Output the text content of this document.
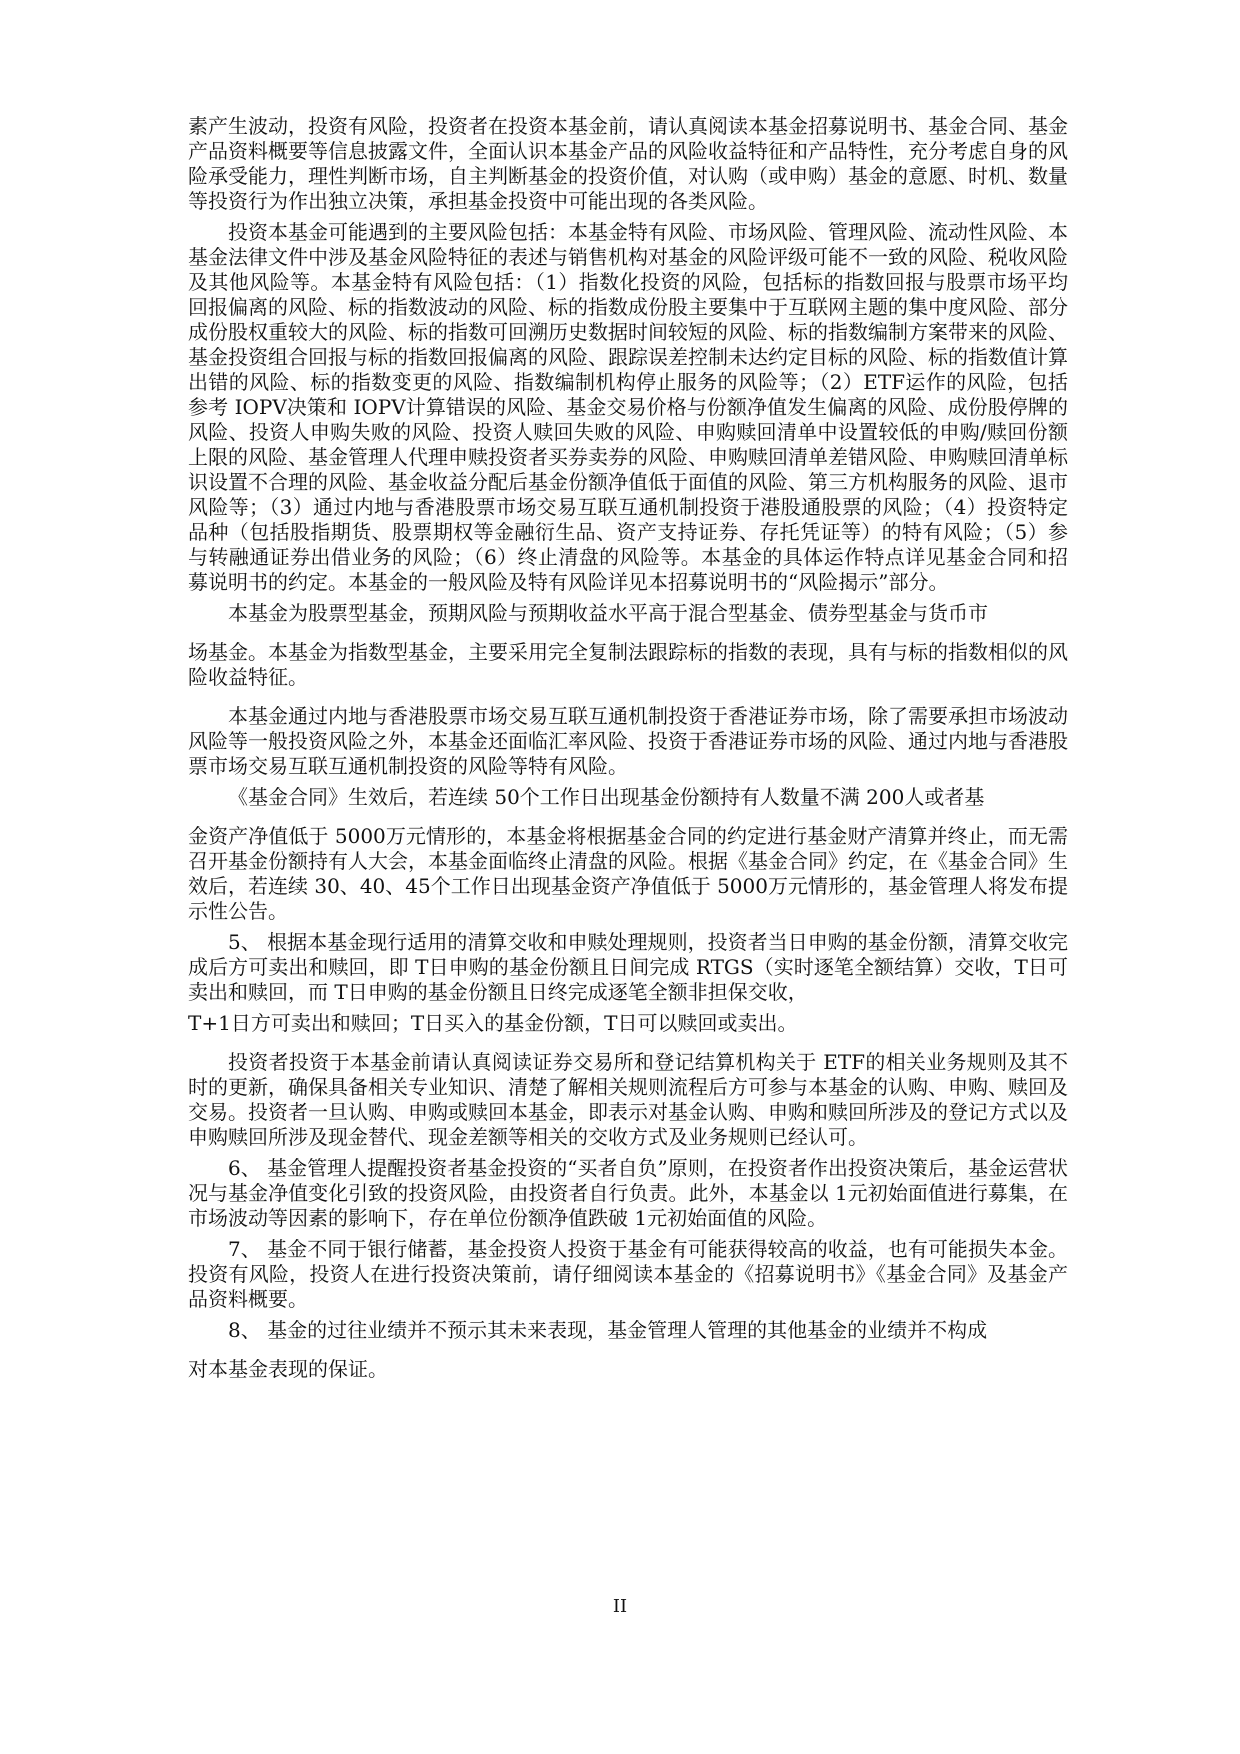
素产生波动，投资有风险，投资者在投资本基金前，请认真阅读本基金招募说明书、基金合同、基金产品资料概要等信息披露文件，全面认识本基金产品的风险收益特征和产品特性，充分考虑自身的风险承受能力，理性判断市场，自主判断基金的投资价值，对认购（或申购）基金的意愿、时机、数量等投资行为作出独立决策，承担基金投资中可能出现的各类风险。

投资本基金可能遇到的主要风险包括：本基金特有风险、市场风险、管理风险、流动性风险、本基金法律文件中涉及基金风险特征的表述与销售机构对基金的风险评级可能不一致的风险、税收风险及其他风险等。本基金特有风险包括：（1）指数化投资的风险，包括标的指数回报与股票市场平均回报偏离的风险、标的指数波动的风险、标的指数成份股主要集中于互联网主题的集中度风险、部分成份股权重较大的风险、标的指数可回溯历史数据时间较短的风险、标的指数编制方案带来的风险、基金投资组合回报与标的指数回报偏离的风险、跟踪误差控制未达约定目标的风险、标的指数值计算出错的风险、标的指数变更的风险、指数编制机构停止服务的风险等；（2）ETF运作的风险，包括参考 IOPV决策和 IOPV计算错误的风险、基金交易价格与份额净值发生偏离的风险、成份股停牌的风险、投资人申购失败的风险、投资人赎回失败的风险、申购赎回清单中设置较低的申购/赎回份额上限的风险、基金管理人代理申赎投资者买券卖券的风险、申购赎回清单差错风险、申购赎回清单标识设置不合理的风险、基金收益分配后基金份额净值低于面值的风险、第三方机构服务的风险、退市风险等；（3）通过内地与香港股票市场交易互联互通机制投资于港股通股票的风险；（4）投资特定品种（包括股指期货、股票期权等金融衍生品、资产支持证券、存托凭证等）的特有风险；（5）参与转融通证券出借业务的风险；（6）终止清盘的风险等。本基金的具体运作特点详见基金合同和招募说明书的约定。本基金的一般风险及特有风险详见本招募说明书的“风险揭示”部分。

本基金为股票型基金，预期风险与预期收益水平高于混合型基金、债券型基金与货币市

场基金。本基金为指数型基金，主要采用完全复制法跟踪标的指数的表现，具有与标的指数相似的风险收益特征。

本基金通过内地与香港股票市场交易互联互通机制投资于香港证券市场，除了需要承担市场波动风险等一般投资风险之外，本基金还面临汇率风险、投资于香港证券市场的风险、通过内地与香港股票市场交易互联互通机制投资的风险等特有风险。

《基金合同》生效后，若连续 50个工作日出现基金份额持有人数量不满 200人或者基

金资产净值低于 5000万元情形的，本基金将根据基金合同的约定进行基金财产清算并终止，而无需召开基金份额持有人大会，本基金面临终止清盘的风险。根据《基金合同》约定，在《基金合同》生效后，若连续 30、40、45个工作日出现基金资产净值低于 5000万元情形的，基金管理人将发布提示性公告。

5、 根据本基金现行适用的清算交收和申赎处理规则，投资者当日申购的基金份额，清算交收完成后方可卖出和赎回，即 T日申购的基金份额且日间完成 RTGS（实时逐笔全额结算）交收，T日可卖出和赎回，而 T日申购的基金份额且日终完成逐笔全额非担保交收，

T+1日方可卖出和赎回；T日买入的基金份额，T日可以赎回或卖出。

投资者投资于本基金前请认真阅读证券交易所和登记结算机构关于 ETF的相关业务规则及其不时的更新，确保具备相关专业知识、清楚了解相关规则流程后方可参与本基金的认购、申购、赎回及交易。投资者一旦认购、申购或赎回本基金，即表示对基金认购、申购和赎回所涉及的登记方式以及申购赎回所涉及现金替代、现金差额等相关的交收方式及业务规则已经认可。

6、 基金管理人提醒投资者基金投资的“买者自负”原则，在投资者作出投资决策后，基金运营状况与基金净值变化引致的投资风险，由投资者自行负责。此外，本基金以 1元初始面值进行募集，在市场波动等因素的影响下，存在单位份额净值跌破 1元初始面值的风险。

7、 基金不同于银行储蓄，基金投资人投资于基金有可能获得较高的收益，也有可能损失本金。投资有风险，投资人在进行投资决策前，请仔细阅读本基金的《招募说明书》《基金合同》及基金产品资料概要。

8、 基金的过往业绩并不预示其未来表现，基金管理人管理的其他基金的业绩并不构成

对本基金表现的保证。

II
